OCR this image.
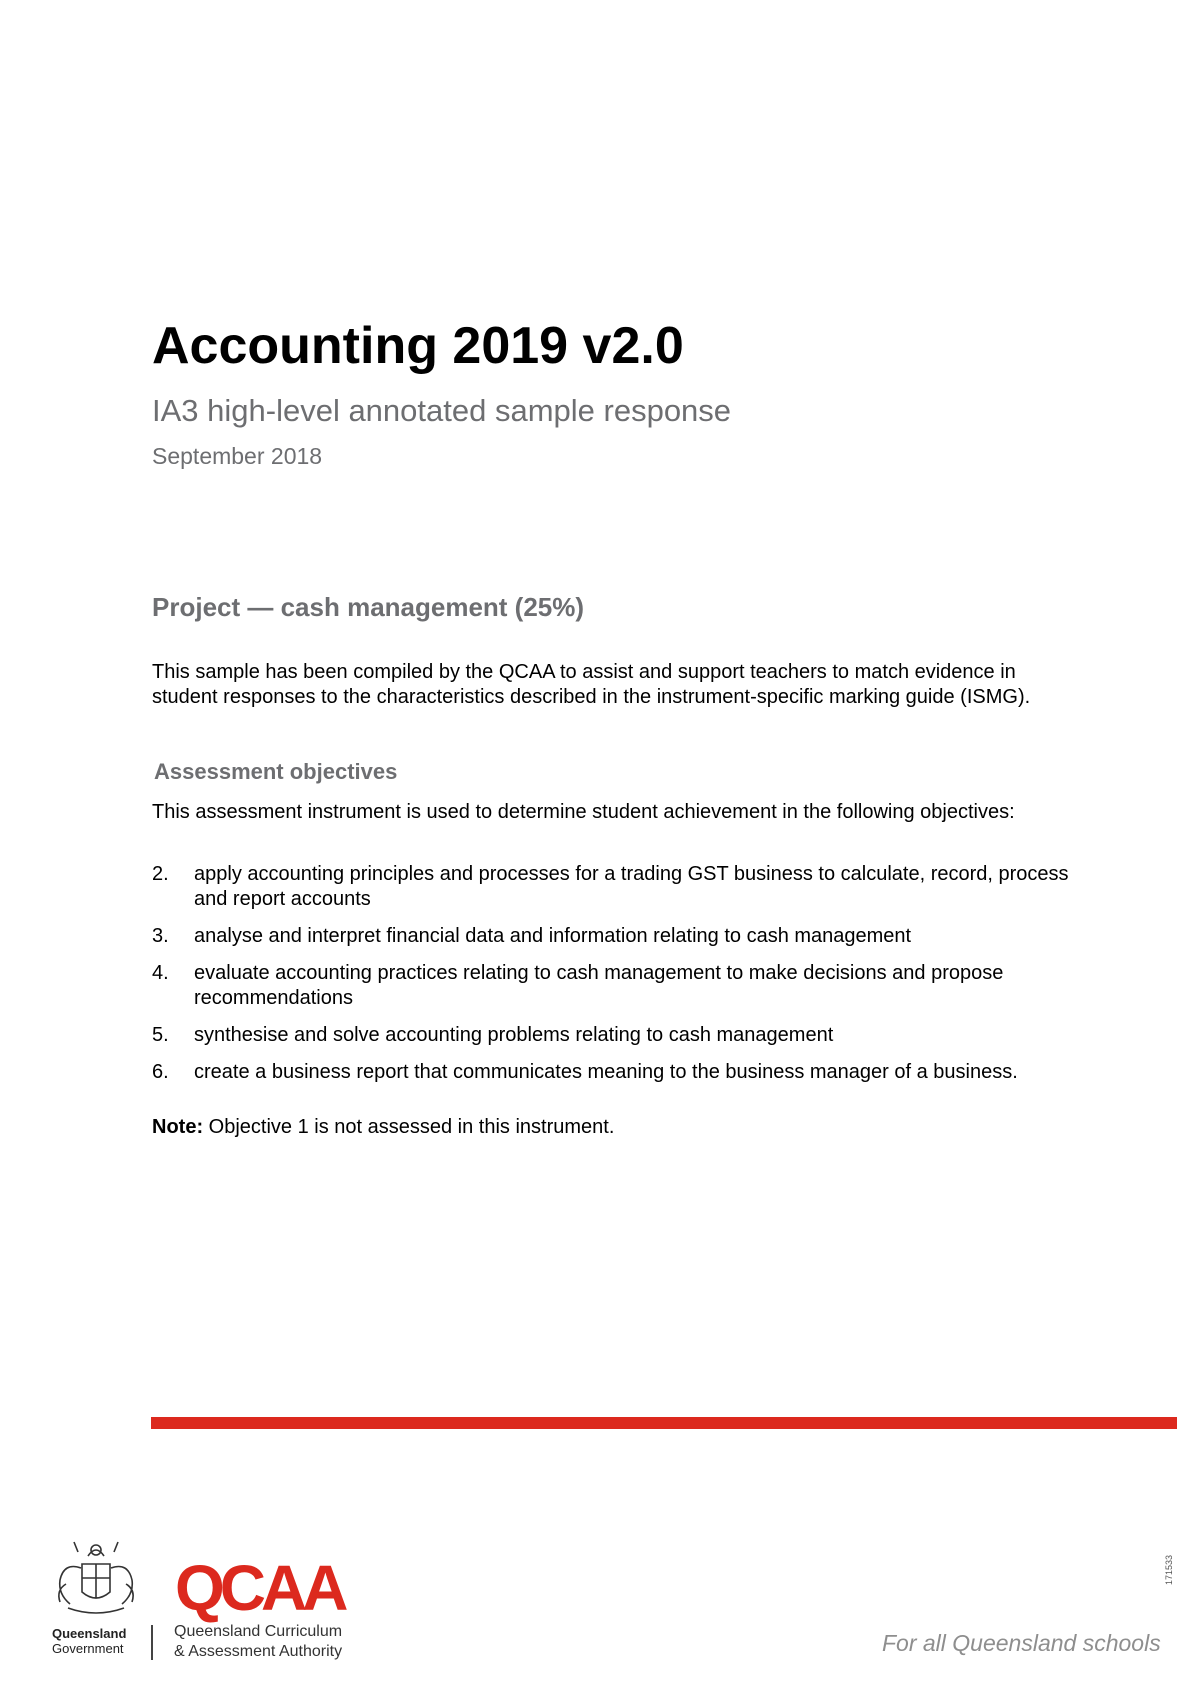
Accounting 2019 v2.0
IA3 high-level annotated sample response
September 2018
Project — cash management (25%)
This sample has been compiled by the QCAA to assist and support teachers to match evidence in student responses to the characteristics described in the instrument-specific marking guide (ISMG).
Assessment objectives
This assessment instrument is used to determine student achievement in the following objectives:
2. apply accounting principles and processes for a trading GST business to calculate, record, process and report accounts
3. analyse and interpret financial data and information relating to cash management
4. evaluate accounting practices relating to cash management to make decisions and propose recommendations
5. synthesise and solve accounting problems relating to cash management
6. create a business report that communicates meaning to the business manager of a business.
Note: Objective 1 is not assessed in this instrument.
Queensland
Government
QCAA
Queensland Curriculum
& Assessment Authority	For all Queensland schools
171533
